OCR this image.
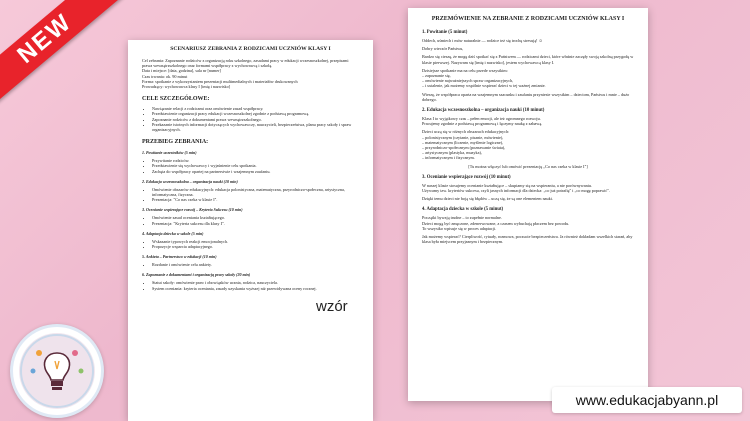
SCENARIUSZ ZEBRANIA Z RODZICAMI UCZNIÓW KLASY I
Cel zebrania: Zapoznanie rodziców z organizacją roku szkolnego, zasadami pracy w edukacji wczesnoszkolnej, przepisami prawa wewnątrzszkolnego oraz formami współpracy z wychowawcą i szkołą.
Data i miejsce: [data, godzina], sala nr [numer]
Czas trwania: ok. 90 minut
Forma: spotkanie z wykorzystaniem prezentacji multimedialnych i materiałów drukowanych
Prowadzący: wychowawca klasy I [imię i nazwisko]
CELE SZCZEGÓŁOWE:
• Nawiązanie relacji z rodzicami oraz omówienie zasad współpracy.
• Przedstawienie organizacji pracy edukacji wczesnoszkolnej zgodnie z podstawą programową.
• Zapoznanie rodziców z dokumentami prawa wewnątrzszkolnego.
• Przekazanie istotnych informacji dotyczących wychowawczy, nauczycieli, bezpieczeństwa, planu pracy szkoły i spraw organizacyjnych.
PRZEBIEG ZEBRANIA:
1. Powitanie uczestników (5 min)
• Przywitanie rodziców.
• Przedstawienie się wychowawcy i wyjaśnienie celu spotkania.
• Zachęta do współpracy opartej na partnerstwie i wzajemnym zaufaniu.
2. Edukacja wczesnoszkolna – organizacja nauki (10 min)
• Omówienie obszarów edukacyjnych: edukacja polonistyczna, matematyczna, przyrodniczo-społeczna, artystyczna, informatyczna, fizyczna.
• Prezentacja: "Co nas czeka w klasie I".
3. Ocenianie wspierające rozwój – Kryteria Sukcesu (10 min)
• Omówienie zasad oceniania kształtującego.
• Prezentacja: "Kryteria sukcesu dla klasy I".
4. Adaptacja dziecka w szkole (5 min)
• Wskazanie typowych reakcji emocjonalnych.
• Propozycje wsparcia adaptacyjnego.
5. Ankieta – Partnerstwo w edukacji (10 min)
• Rozdanie i omówienie celu ankiety.
6. Zapoznanie z dokumentami i organizacją pracy szkoły (20 min)
• Statut szkoły: omówienie praw i obowiązków ucznia, rodzica, nauczyciela.
• System oceniania: kryteria oceniania, zasady uzyskania wyższej niż przewidywana oceny rocznej.
PRZEMÓWIENIE NA ZEBRANIE Z RODZICAMI UCZNIÓW KLASY I
1. Powitanie (5 minut)
Oddech, uśmiech i mów naturalnie — rodzice też się trochę stresują! ☺
Dobry wieczór Państwu,
Bardzo się cieszę, że mogę dziś spotkać się z Państwem — rodzicami dzieci, które właśnie zaczęły swoją szkolną przygodę w klasie pierwszej. Nazywam się [imię i nazwisko], jestem wychowawcą klasy I.
Dzisiejsze spotkanie ma na celu przede wszystkim:
– zapoznanie się,
– omówienie najważniejszych spraw organizacyjnych,
– i ustalenie, jak możemy wspólnie wspierać dzieci w tej ważnej zmianie.
Wierzę, że współpraca oparta na wzajemnym szacunku i zaufaniu przyniesie wszystkim – dzieciom, Państwu i mnie – dużo dobrego.
2. Edukacja wczesnoszkolna – organizacja nauki (10 minut)
Klasa I to wyjątkowy czas – pełen emocji, ale też ogromnego rozwoju.
Pracujemy zgodnie z podstawą programową i łączymy naukę z zabawą.
Dzieci uczą się w różnych obszarach edukacyjnych:
– polonistycznym (czytanie, pisanie, mówienie),
– matematycznym (liczenie, myślenie logiczne),
– przyrodniczo-społecznym (poznawanie świata),
– artystycznym (plastyka, muzyka),
– informatycznym i fizycznym.
[Tu można włączyć lub omówić prezentację „Co nas czeka w klasie I"]
3. Ocenianie wspierające rozwój (10 minut)
W naszej klasie stosujemy ocenianie kształtujące – skupiamy się na wspieraniu, a nie porównywaniu.
Używamy tzw. kryteriów sukcesu, czyli jasnych informacji dla dziecka: „co już potrafię" i „co mogę poprawić".
Dzięki temu dzieci nie boją się błędów – uczą się, że są one elementem nauki.
4. Adaptacja dziecka w szkole (5 minut)
Początki bywają trudne – to zupełnie normalne.
Dzieci mogą być zmęczone, zdenerwowane, a czasem wybuchają płaczem bez powodu.
To wszystko wpisuje się w proces adaptacji.
Jak możemy wspierać? Cierpliwość, rytuały, rozmowa, poczucie bezpieczeństwa. Ja również dokładam wszelkich starań, aby klasa była miejscem przyjaznym i bezpiecznym.
NEW
wzór
www.edukacjabyann.pl
